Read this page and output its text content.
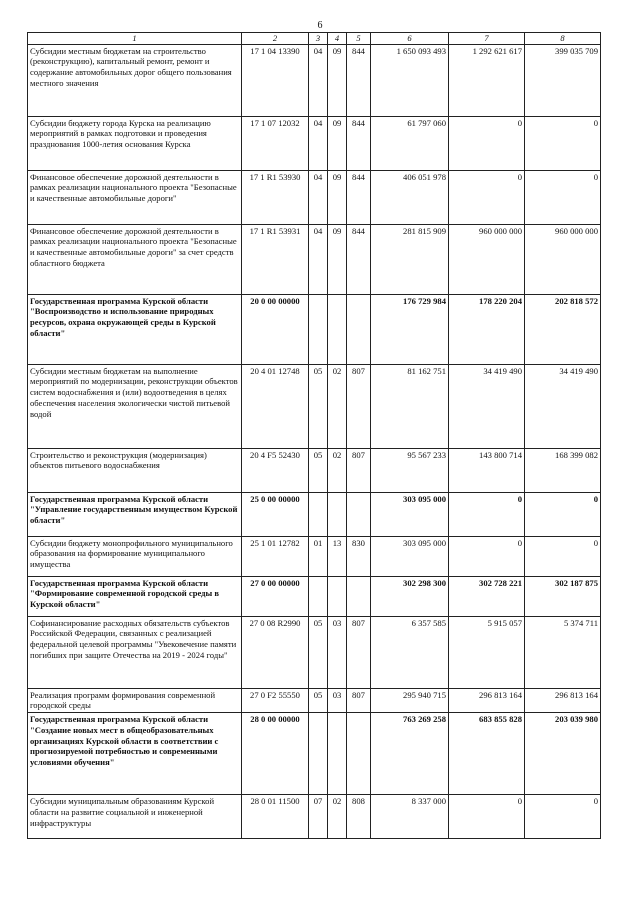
6
1	2	3	4	5	6	7	8
Субсидии местным бюджетам на строительство (реконструкцию), капитальный ремонт, ремонт и содержание автомобильных дорог общего пользования местного значения	17 1 04 13390	04	09	844	1 650 093 493	1 292 621 617	399 035 709
Субсидии бюджету города Курска на реализацию мероприятий в рамках подготовки и проведения празднования 1000-летия основания Курска	17 1 07 12032	04	09	844	61 797 060	0	0
Финансовое обеспечение дорожной деятельности в рамках реализации национального проекта "Безопасные и качественные автомобильные дороги"	17 1 R1 53930	04	09	844	406 051 978	0	0
Финансовое обеспечение дорожной деятельности в рамках реализации национального проекта "Безопасные и качественные автомобильные дороги" за счет средств областного бюджета	17 1 R1 53931	04	09	844	281 815 909	960 000 000	960 000 000
Государственная программа Курской области "Воспроизводство и использование природных ресурсов, охрана окружающей среды в Курской области"	20 0 00 00000				176 729 984	178 220 204	202 818 572
Субсидии местным бюджетам на выполнение мероприятий по модернизации, реконструкции объектов систем водоснабжения и (или) водоотведения в целях обеспечения населения экологически чистой питьевой водой	20 4 01 12748	05	02	807	81 162 751	34 419 490	34 419 490
Строительство и реконструкция (модернизация) объектов питьевого водоснабжения	20 4 F5 52430	05	02	807	95 567 233	143 800 714	168 399 082
Государственная программа Курской области "Управление государственным имуществом Курской области"	25 0 00 00000				303 095 000	0	0
Субсидии бюджету монопрофильного муниципального образования на формирование муниципального имущества	25 1 01 12782	01	13	830	303 095 000	0	0
Государственная программа Курской области "Формирование современной городской среды в Курской области"	27 0 00 00000				302 298 300	302 728 221	302 187 875
Софинансирование расходных обязательств субъектов Российской Федерации, связанных с реализацией федеральной целевой программы "Увековечение памяти погибших при защите Отечества на 2019 - 2024 годы"	27 0 08 R2990	05	03	807	6 357 585	5 915 057	5 374 711
Реализация программ формирования современной городской среды	27 0 F2 55550	05	03	807	295 940 715	296 813 164	296 813 164
Государственная программа Курской области "Создание новых мест в общеобразовательных организациях Курской области в соответствии с прогнозируемой потребностью и современными условиями обучения"	28 0 00 00000				763 269 258	683 855 828	203 039 980
Субсидии муниципальным образованиям Курской области на развитие социальной и инженерной инфраструктуры	28 0 01 11500	07	02	808	8 337 000	0	0
